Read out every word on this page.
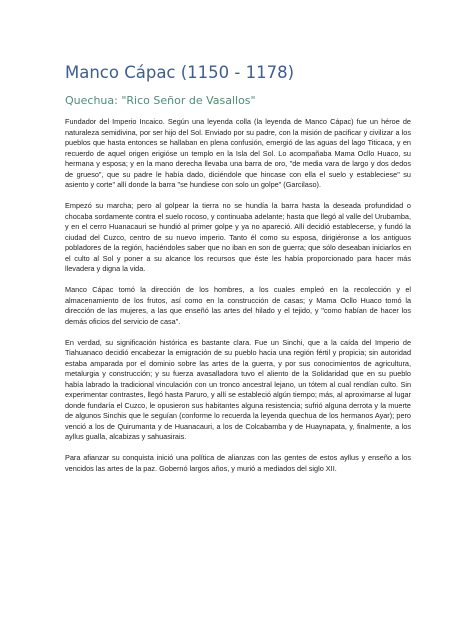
Manco Cápac (1150 - 1178)
Quechua: "Rico Señor de Vasallos"

Fundador del Imperio Incaico. Según una leyenda colla (la leyenda de Manco Cápac) fue un héroe de naturaleza semidivina, por ser hijo del Sol. Enviado por su padre, con la misión de pacificar y civilizar a los pueblos que hasta entonces se hallaban en plena confusión, emergió de las aguas del lago Titicaca, y en recuerdo de aquel origen erigióse un templo en la Isla del Sol. Lo acompañaba Mama Ocllo Huaco, su hermana y esposa; y en la mano derecha llevaba una barra de oro, "de media vara de largo y dos dedos de grueso", que su padre le había dado, diciéndole que hincase con ella el suelo y estableciese" su asiento y corte" allí donde la barra "se hundiese con solo un golpe" (Garcilaso).

Empezó su marcha; pero al golpear la tierra no se hundía la barra hasta la deseada profundidad o chocaba sordamente contra el suelo rocoso, y continuaba adelante; hasta que llegó al valle del Urubamba, y en el cerro Huanacauri se hundió al primer golpe y ya no apareció. Allí decidió establecerse, y fundó la ciudad del Cuzco, centro de su nuevo imperio. Tanto él como su esposa, dirigiéronse a los antiguos pobladores de la región, haciéndoles saber que no iban en son de guerra; que sólo deseaban iniciarlos en el culto al Sol y poner a su alcance los recursos que éste les había proporcionado para hacer más llevadera y digna la vida.

Manco Cápac tomó la dirección de los hombres, a los cuales empleó en la recolección y el almacenamiento de los frutos, así como en la construcción de casas; y Mama Ocllo Huaco tomó la dirección de las mujeres, a las que enseñó las artes del hilado y el tejido, y "como habían de hacer los demás oficios del servicio de casa".

En verdad, su significación histórica es bastante clara. Fue un Sinchi, que a la caída del Imperio de Tiahuanaco decidió encabezar la emigración de su pueblo hacia una región fértil y propicia; sin autoridad estaba amparada por el dominio sobre las artes de la guerra, y por sus conocimientos de agricultura, metalurgia y construcción; y su fuerza avasalladora tuvo el aliento de la Solidaridad que en su pueblo había labrado la tradicional vinculación con un tronco ancestral lejano, un tótem al cual rendían culto. Sin experimentar contrastes, llegó hasta Paruro, y allí se estableció algún tiempo; más, al aproximarse al lugar donde fundaría el Cuzco, le opusieron sus habitantes alguna resistencia; sufrió alguna derrota y la muerte de algunos Sinchis que le seguían (conforme lo recuerda la leyenda quechua de los hermanos Ayar); pero venció a los de Quirumanta y de Huanacauri, a los de Colcabamba y de Huaynapata, y, finalmente, a los ayllus gualla, alcabizas y sahuasirais.

Para afianzar su conquista inició una política de alianzas con las gentes de estos ayllus y enseño a los vencidos las artes de la paz. Gobernó largos años, y murió a mediados del siglo XII.
